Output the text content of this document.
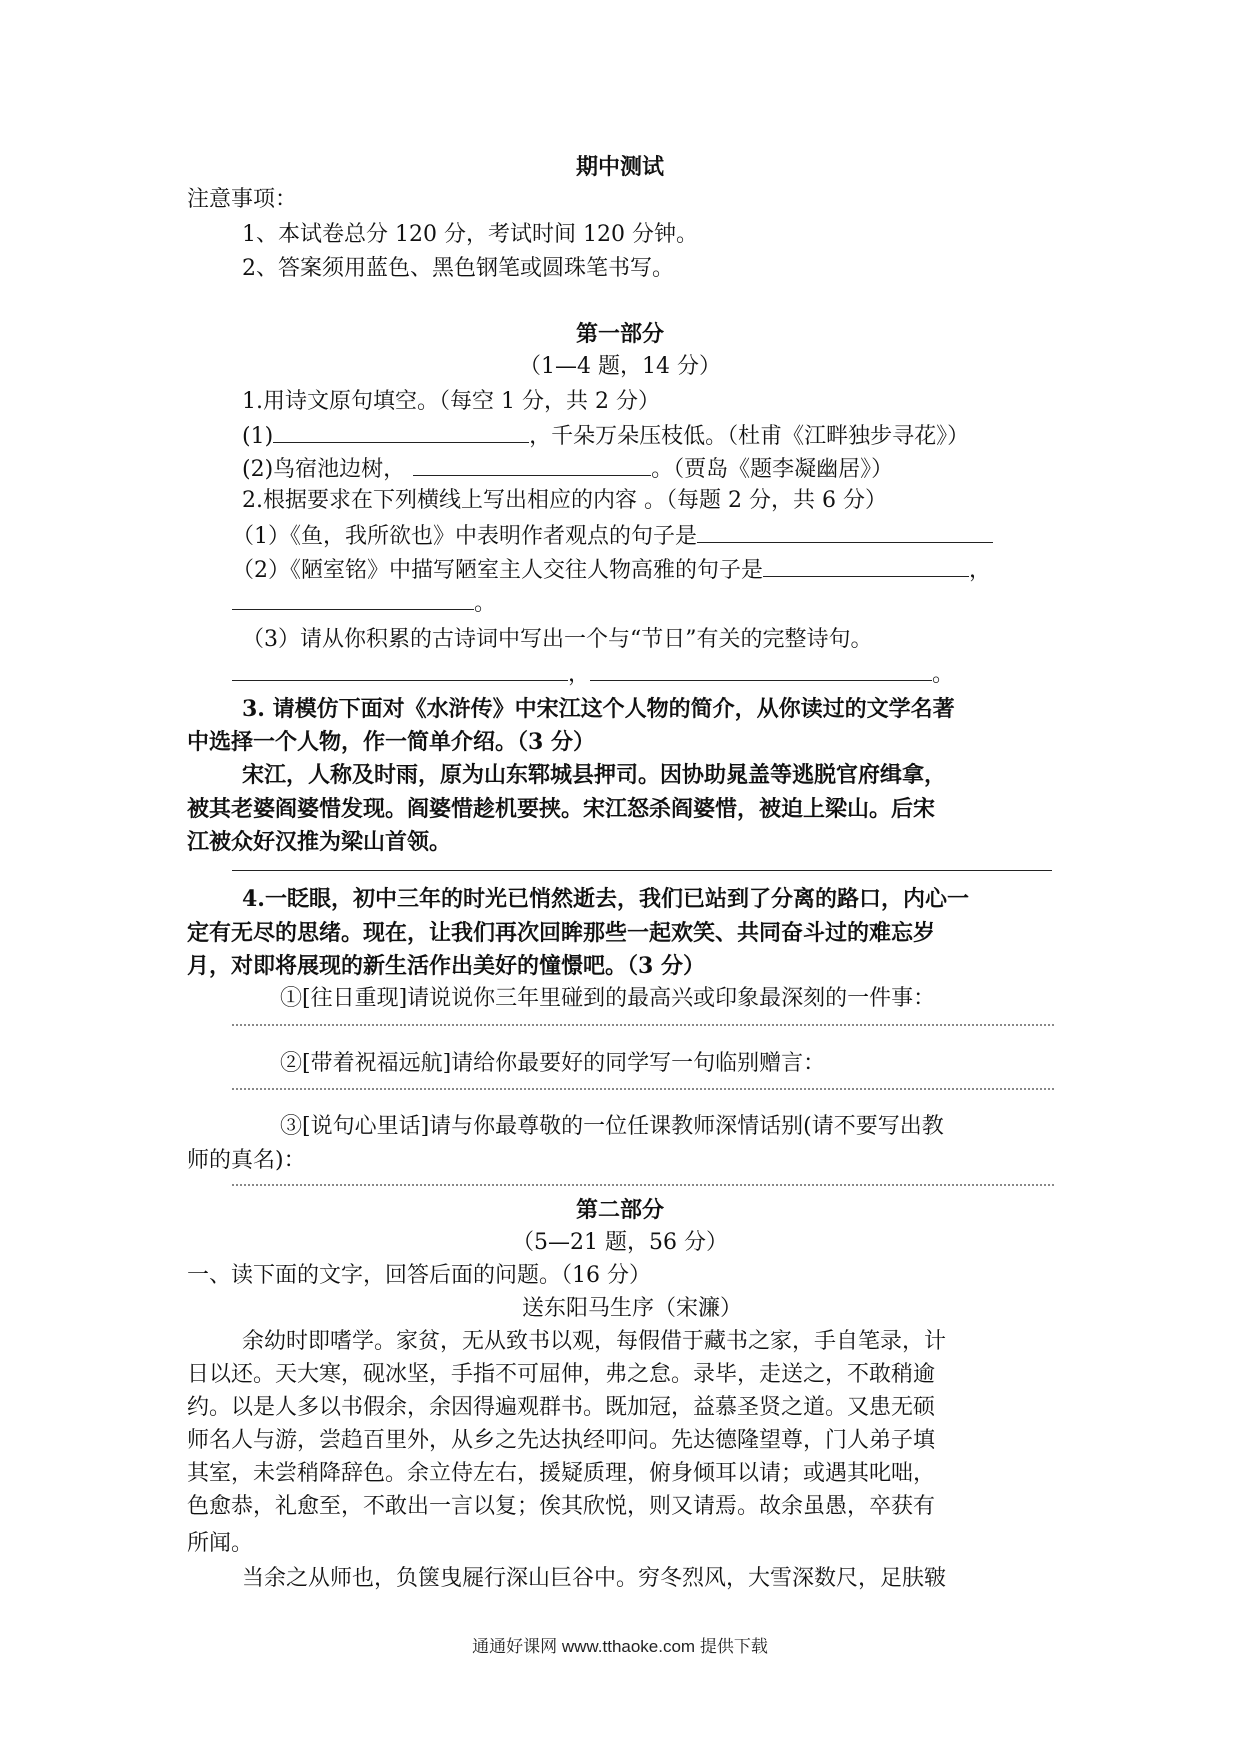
期中测试
注意事项：
1、本试卷总分 120 分，考试时间 120 分钟。
2、答案须用蓝色、黑色钢笔或圆珠笔书写。
第一部分
（1—4 题，14 分）
1.用诗文原句填空。（每空 1 分，共 2 分）
(1)	，千朵万朵压枝低。（杜甫《江畔独步寻花》）
(2)鸟宿池边树，	。（贾岛《题李凝幽居》）
2.根据要求在下列横线上写出相应的内容 。（每题 2 分，共 6 分）
（1）《鱼，我所欲也》中表明作者观点的句子是
（2）《陋室铭》中描写陋室主人交往人物高雅的句子是	，
。
（3）请从你积累的古诗词中写出一个与“节日”有关的完整诗句。
，	。
3. 请模仿下面对《水浒传》中宋江这个人物的简介，从你读过的文学名著
中选择一个人物，作一简单介绍。（3 分）
宋江，人称及时雨，原为山东郓城县押司。因协助晁盖等逃脱官府缉拿，
被其老婆阎婆惜发现。阎婆惜趁机要挟。宋江怒杀阎婆惜，被迫上梁山。后宋
江被众好汉推为梁山首领。
4.一眨眼，初中三年的时光已悄然逝去，我们已站到了分离的路口，内心一
定有无尽的思绪。现在，让我们再次回眸那些一起欢笑、共同奋斗过的难忘岁
月，对即将展现的新生活作出美好的憧憬吧。（3 分）
①[往日重现]请说说你三年里碰到的最高兴或印象最深刻的一件事：
②[带着祝福远航]请给你最要好的同学写一句临别赠言：
③[说句心里话]请与你最尊敬的一位任课教师深情话别(请不要写出教
师的真名)：
第二部分
（5—21 题，56 分）
一、读下面的文字，回答后面的问题。（16 分）
送东阳马生序（宋濂）
余幼时即嗜学。家贫，无从致书以观，每假借于藏书之家，手自笔录，计
日以还。天大寒，砚冰坚，手指不可屈伸，弗之怠。录毕，走送之，不敢稍逾
约。以是人多以书假余，余因得遍观群书。既加冠，益慕圣贤之道。又患无硕
师名人与游，尝趋百里外，从乡之先达执经叩问。先达德隆望尊，门人弟子填
其室，未尝稍降辞色。余立侍左右，援疑质理，俯身倾耳以请；或遇其叱咄，
色愈恭，礼愈至，不敢出一言以复；俟其欣悦，则又请焉。故余虽愚，卒获有
所闻。
当余之从师也，负箧曳屣行深山巨谷中。穷冬烈风，大雪深数尺，足肤皲
通通好课网 www.tthaoke.com 提供下载
